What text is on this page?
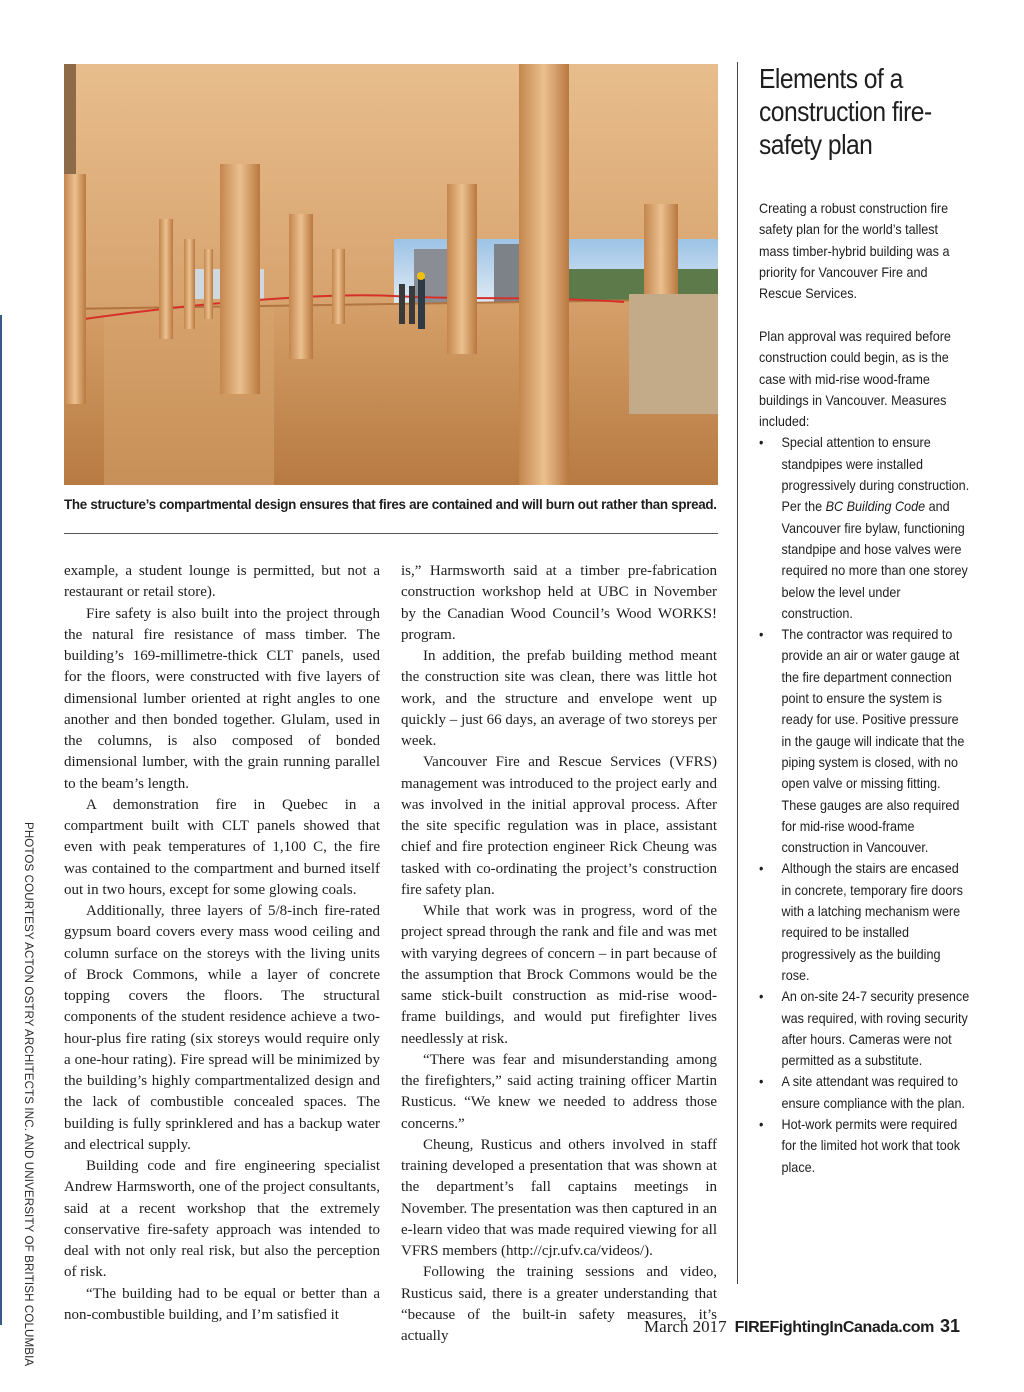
PHOTOS COURTESY ACTON OSTRY ARCHITECTS INC. AND UNIVERSITY OF BRITISH COLUMBIA
The structure’s compartmental design ensures that fires are contained and will burn out rather than spread.

example, a student lounge is permitted, but not a restaurant or retail store).

Fire safety is also built into the project through the natural fire resistance of mass timber. The building’s 169-millimetre-thick CLT panels, used for the floors, were constructed with five layers of dimensional lumber oriented at right angles to one another and then bonded together. Glulam, used in the columns, is also composed of bonded dimensional lumber, with the grain running parallel to the beam’s length.

A demonstration fire in Quebec in a compartment built with CLT panels showed that even with peak temperatures of 1,100 C, the fire was contained to the compartment and burned itself out in two hours, except for some glowing coals.

Additionally, three layers of 5/8-inch fire-rated gypsum board covers every mass wood ceiling and column surface on the storeys with the living units of Brock Commons, while a layer of concrete topping covers the floors. The structural components of the student residence achieve a two-hour-plus fire rating (six storeys would require only a one-hour rating). Fire spread will be minimized by the building’s highly compartmentalized design and the lack of combustible concealed spaces. The building is fully sprinklered and has a backup water and electrical supply.

Building code and fire engineering specialist Andrew Harmsworth, one of the project consultants, said at a recent workshop that the extremely conservative fire-safety approach was intended to deal with not only real risk, but also the perception of risk.

“The building had to be equal or better than a non-combustible building, and I’m satisfied it

is,” Harmsworth said at a timber pre-fabrication construction workshop held at UBC in November by the Canadian Wood Council’s Wood WORKS! program.

In addition, the prefab building method meant the construction site was clean, there was little hot work, and the structure and envelope went up quickly – just 66 days, an average of two storeys per week.

Vancouver Fire and Rescue Services (VFRS) management was introduced to the project early and was involved in the initial approval process. After the site specific regulation was in place, assistant chief and fire protection engineer Rick Cheung was tasked with co-ordinating the project’s construction fire safety plan.

While that work was in progress, word of the project spread through the rank and file and was met with varying degrees of concern – in part because of the assumption that Brock Commons would be the same stick-built construction as mid-rise wood-frame buildings, and would put firefighter lives needlessly at risk.

“There was fear and misunderstanding among the firefighters,” said acting training officer Martin Rusticus. “We knew we needed to address those concerns.”

Cheung, Rusticus and others involved in staff training developed a presentation that was shown at the department’s fall captains meetings in November. The presentation was then captured in an e-learn video that was made required viewing for all VFRS members (http://cjr.ufv.ca/videos/).

Following the training sessions and video, Rusticus said, there is a greater understanding that “because of the built-in safety measures, it’s actually

Elements of a construction fire-safety plan

Creating a robust construction fire safety plan for the world’s tallest mass timber-hybrid building was a priority for Vancouver Fire and Rescue Services.

Plan approval was required before construction could begin, as is the case with mid-rise wood-frame buildings in Vancouver. Measures included:
• Special attention to ensure standpipes were installed progressively during construction. Per the BC Building Code and Vancouver fire bylaw, functioning standpipe and hose valves were required no more than one storey below the level under construction.
• The contractor was required to provide an air or water gauge at the fire department connection point to ensure the system is ready for use. Positive pressure in the gauge will indicate that the piping system is closed, with no open valve or missing fitting. These gauges are also required for mid-rise wood-frame construction in Vancouver.
• Although the stairs are encased in concrete, temporary fire doors with a latching mechanism were required to be installed progressively as the building rose.
• An on-site 24-7 security presence was required, with roving security after hours. Cameras were not permitted as a substitute.
• A site attendant was required to ensure compliance with the plan.
• Hot-work permits were required for the limited hot work that took place.
March 2017 FIREFightingInCanada.com 31
